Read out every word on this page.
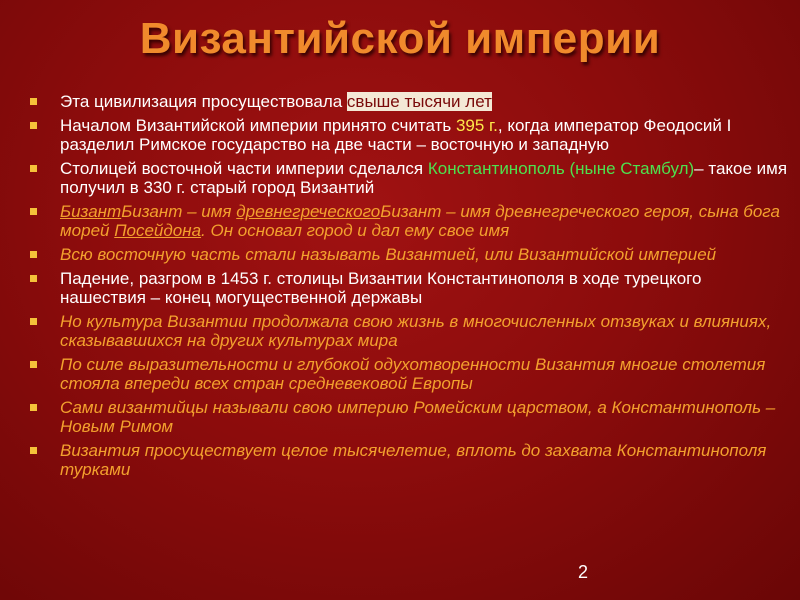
Византийской империи
Эта цивилизация просуществовала свыше тысячи лет
Началом Византийской империи принято считать 395 г., когда император Феодосий I разделил Римское государство на две части – восточную и западную
Столицей восточной части империи сделался Константинополь (ныне Стамбул)– такое имя получил в 330 г. старый город Византий
БизантБизант – имя древнегреческогоБизант – имя древнегреческого героя, сына бога морей Посейдона. Он основал город и дал ему свое имя
Всю восточную часть стали называть Византией, или Византийской империей
Падение, разгром в 1453 г. столицы Византии Константинополя в ходе турецкого нашествия – конец могущественной державы
Но культура Византии продолжала свою жизнь в многочисленных отзвуках и влияниях, сказывавшихся на других культурах мира
По силе выразительности и глубокой одухотворенности Византия многие столетия стояла впереди всех стран средневековой Европы
Сами византийцы называли свою империю Ромейским царством, а Константинополь – Новым Римом
Византия просуществует целое тысячелетие, вплоть до захвата Константинополя турками
2
